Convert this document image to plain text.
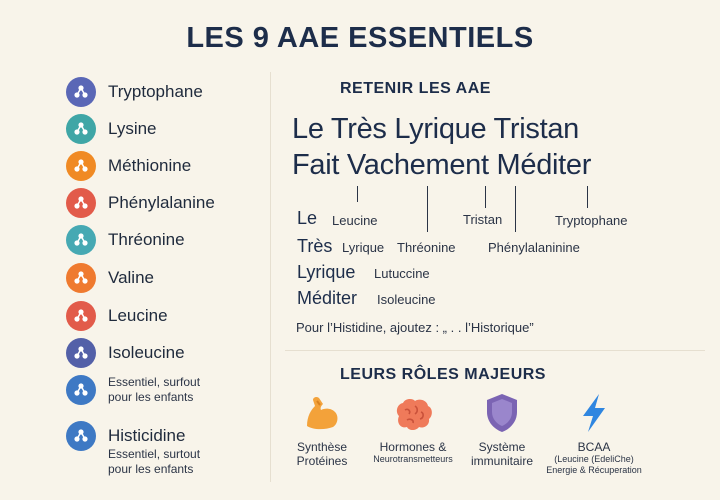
LES 9 AAE ESSENTIELS
Tryptophane
Lysine
Méthionine
Phénylalanine
Thréonine
Valine
Leucine
Isoleucine
Essentiel, surfout
pour les enfants
Histicidine
Essentiel, surtout
pour les enfants
RETENIR LES AAE
Le Très Lyrique Tristan
Fait Vachement Méditer
Le Leucine	Tristan	Tryptophane
Très Lyrique Thréonine Phénylalaninine
Lyrique Lutuccine
Méditer Isoleucine
Pour l’Histidine, ajoutez : „ . . l’Historique”
LEURS RÔLES MAJEURS
Synthèse
Protéines
Hormones &
Neurotransmetteurs
Système
immunitaire
BCAA
(Leucine (EdeliChe)
Energie & Récuperation
